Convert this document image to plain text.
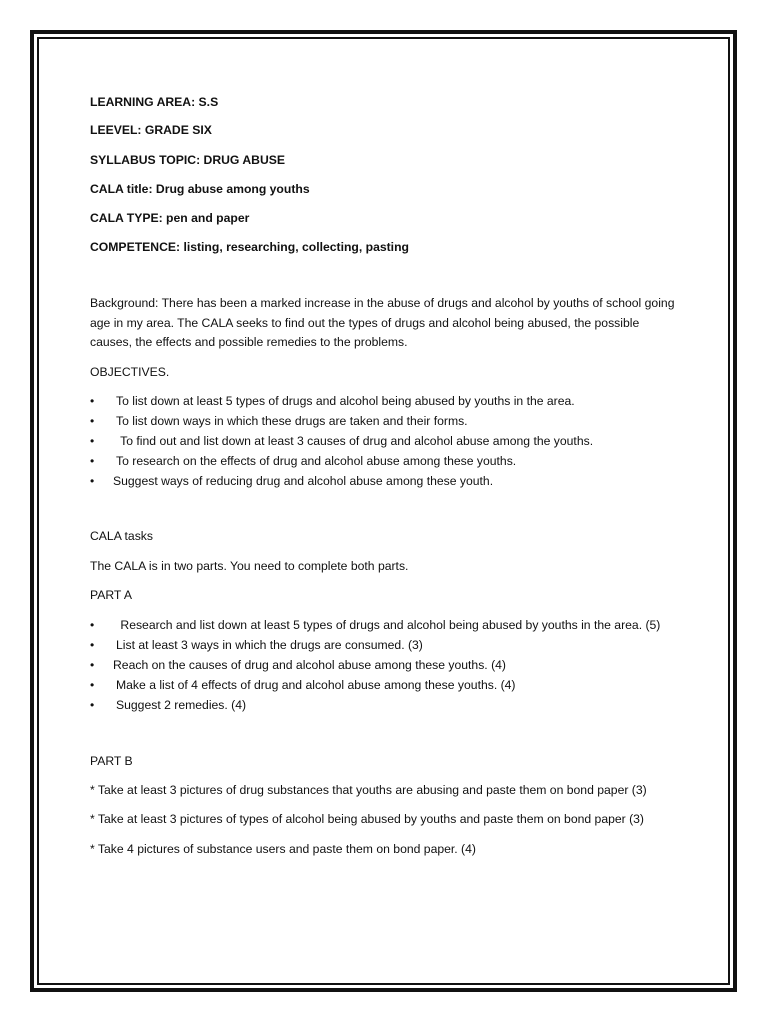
LEARNING AREA: S.S
LEEVEL: GRADE SIX
SYLLABUS TOPIC: DRUG ABUSE
CALA title: Drug abuse among youths
CALA TYPE: pen and paper
COMPETENCE: listing, researching, collecting, pasting
Background: There has been a marked increase in the abuse of drugs and alcohol by youths of school going age in my area. The CALA seeks to find out the types of drugs and alcohol being abused, the possible causes, the effects and possible remedies to the problems.
OBJECTIVES.
• To list down at least 5 types of drugs and alcohol being abused by youths in the area.
• To list down ways in which these drugs are taken and their forms.
• To find out and list down at least 3 causes of drug and alcohol abuse among the youths.
• To research on the effects of drug and alcohol abuse among these youths.
• Suggest ways of reducing drug and alcohol abuse among these youth.
CALA tasks
The CALA is in two parts. You need to complete both parts.
PART A
• Research and list down at least 5 types of drugs and alcohol being abused by youths in the area. (5)
• List at least 3 ways in which the drugs are consumed. (3)
• Reach on the causes of drug and alcohol abuse among these youths. (4)
• Make a list of 4 effects of drug and alcohol abuse among these youths. (4)
• Suggest 2 remedies. (4)
PART B
* Take at least 3 pictures of drug substances that youths are abusing and paste them on bond paper (3)
* Take at least 3 pictures of types of alcohol being abused by youths and paste them on bond paper (3)
* Take 4 pictures of substance users and paste them on bond paper. (4)
